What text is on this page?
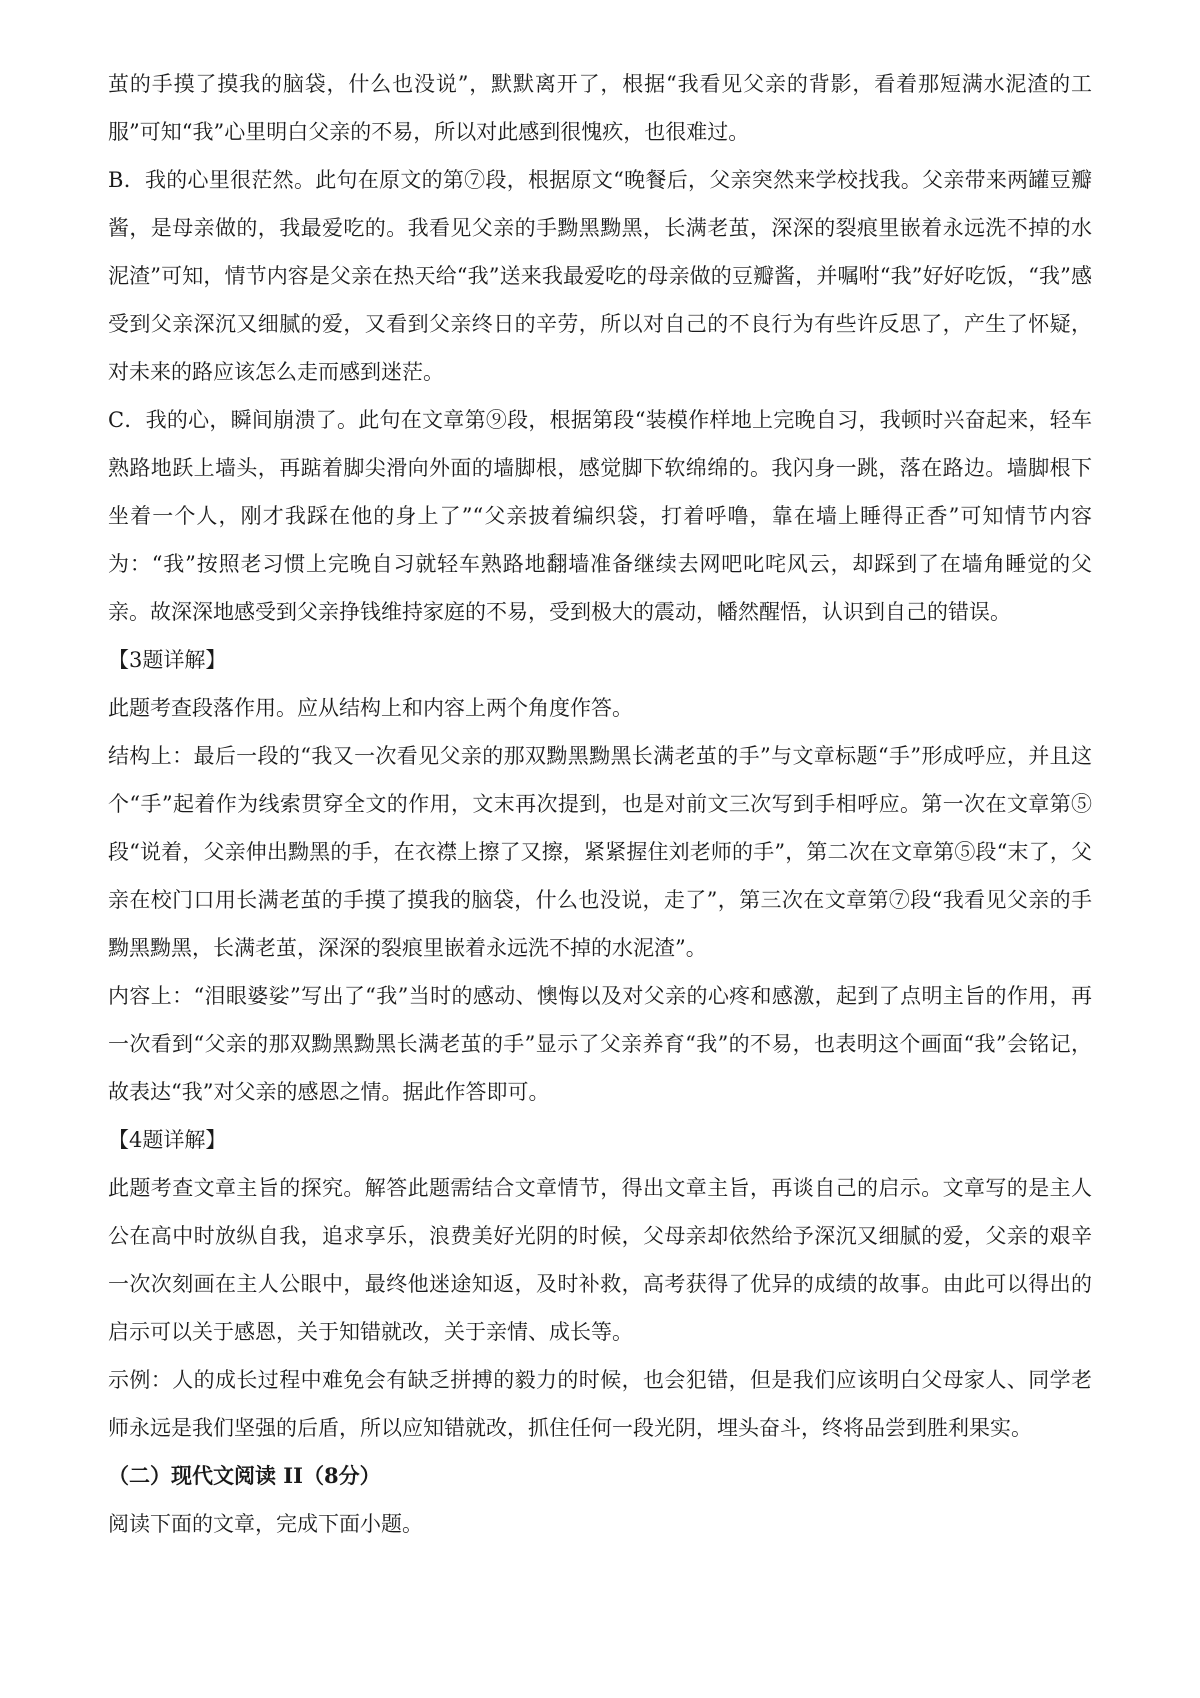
茧的手摸了摸我的脑袋，什么也没说”，默默离开了，根据“我看见父亲的背影，看着那短满水泥渣的工服”可知“我”心里明白父亲的不易，所以对此感到很愧疚，也很难过。

B．我的心里很茫然。此句在原文的第⑦段，根据原文“晚餐后，父亲突然来学校找我。父亲带来两罐豆瓣酱，是母亲做的，我最爱吃的。我看见父亲的手黝黑黝黑，长满老茧，深深的裂痕里嵌着永远洗不掉的水泥渣”可知，情节内容是父亲在热天给“我”送来我最爱吃的母亲做的豆瓣酱，并嘱咐“我”好好吃饭，“我”感受到父亲深沉又细腻的爱，又看到父亲终日的辛劳，所以对自己的不良行为有些许反思了，产生了怀疑，对未来的路应该怎么走而感到迷茫。

C．我的心，瞬间崩溃了。此句在文章第⑨段，根据第段“装模作样地上完晚自习，我顿时兴奋起来，轻车熟路地跃上墙头，再踮着脚尖滑向外面的墙脚根，感觉脚下软绵绵的。我闪身一跳，落在路边。墙脚根下坐着一个人，刚才我踩在他的身上了”“父亲披着编织袋，打着呼噜，靠在墙上睡得正香”可知情节内容为：“我”按照老习惯上完晚自习就轻车熟路地翻墙准备继续去网吧叱咤风云，却踩到了在墙角睡觉的父亲。故深深地感受到父亲挣钱维持家庭的不易，受到极大的震动，幡然醒悟，认识到自己的错误。

【3题详解】

此题考查段落作用。应从结构上和内容上两个角度作答。

结构上：最后一段的“我又一次看见父亲的那双黝黑黝黑长满老茧的手”与文章标题“手”形成呼应，并且这个“手”起着作为线索贯穿全文的作用，文末再次提到，也是对前文三次写到手相呼应。第一次在文章第⑤段“说着，父亲伸出黝黑的手，在衣襟上擦了又擦，紧紧握住刘老师的手”，第二次在文章第⑤段“末了，父亲在校门口用长满老茧的手摸了摸我的脑袋，什么也没说，走了”，第三次在文章第⑦段“我看见父亲的手黝黑黝黑，长满老茧，深深的裂痕里嵌着永远洗不掉的水泥渣”。

内容上：“泪眼婆娑”写出了“我”当时的感动、懊悔以及对父亲的心疼和感激，起到了点明主旨的作用，再一次看到“父亲的那双黝黑黝黑长满老茧的手”显示了父亲养育“我”的不易，也表明这个画面“我”会铭记，故表达“我”对父亲的感恩之情。据此作答即可。

【4题详解】

此题考查文章主旨的探究。解答此题需结合文章情节，得出文章主旨，再谈自己的启示。文章写的是主人公在高中时放纵自我，追求享乐，浪费美好光阴的时候，父母亲却依然给予深沉又细腻的爱，父亲的艰辛一次次刻画在主人公眼中，最终他迷途知返，及时补救，高考获得了优异的成绩的故事。由此可以得出的启示可以关于感恩，关于知错就改，关于亲情、成长等。

示例：人的成长过程中难免会有缺乏拼搏的毅力的时候，也会犯错，但是我们应该明白父母家人、同学老师永远是我们坚强的后盾，所以应知错就改，抓住任何一段光阴，埋头奋斗，终将品尝到胜利果实。

（二）现代文阅读 II（8分）

阅读下面的文章，完成下面小题。
